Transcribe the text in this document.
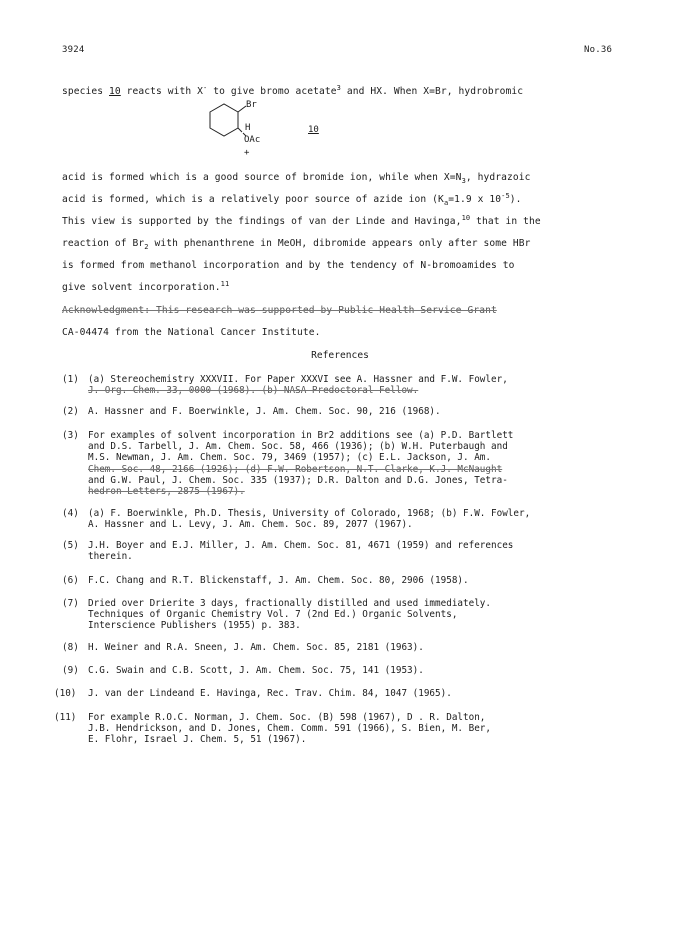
3924	No.36
species 10 reacts with X- to give bromo acetate$^3$ and HX. When X=Br, hydrobromic
Br
H
OAc
+
10
acid is formed which is a good source of bromide ion, while when $X=N_3$, hydrazoic
acid is formed, which is a relatively poor source of azide ion ($K_a=1.9$ x $10^{-5}$).
This view is supported by the findings of van der Linde and Havinga,$^{10}$ that in the
reaction of $Br_2$ with phenanthrene in MeOH, dibromide appears only after some HBr
is formed from methanol incorporation and by the tendency of N-bromoamides to
give solvent incorporation.$^{11}$
Acknowledgment: This research was supported by Public Health Service Grant
CA-04474 from the National Cancer Institute.
References
(1) (a) Stereochemistry XXXVII. For Paper XXXVI see A. Hassner and F.W. Fowler,
J. Org. Chem. 33, 0000 (1968). (b) NASA Predoctoral Fellow.
(2) A. Hassner and F. Boerwinkle, J. Am. Chem. Soc. 90, 216 (1968).
(3) For examples of solvent incorporation in Br2 additions see (a) P.D. Bartlett
and D.S. Tarbell, J. Am. Chem. Soc. 58, 466 (1936); (b) W.H. Puterbaugh and
M.S. Newman, J. Am. Chem. Soc. 79, 3469 (1957); (c) E.L. Jackson, J. Am.
Chem. Soc. 48, 2166 (1926); (d) F.W. Robertson, N.T. Clarke, K.J. McNaught
and G.W. Paul, J. Chem. Soc. 335 (1937); D.R. Dalton and D.G. Jones, Tetra-
hedron Letters, 2875 (1967).
(4) (a) F. Boerwinkle, Ph.D. Thesis, University of Colorado, 1968; (b) F.W. Fowler,
A. Hassner and L. Levy, J. Am. Chem. Soc. 89, 2077 (1967).
(5) J.H. Boyer and E.J. Miller, J. Am. Chem. Soc. 81, 4671 (1959) and references
therein.
(6) F.C. Chang and R.T. Blickenstaff, J. Am. Chem. Soc. 80, 2906 (1958).
(7) Dried over Drierite 3 days, fractionally distilled and used immediately.
Techniques of Organic Chemistry Vol. 7 (2nd Ed.) Organic Solvents,
Interscience Publishers (1955) p. 383.
(8) H. Weiner and R.A. Sneen, J. Am. Chem. Soc. 85, 2181 (1963).
(9) C.G. Swain and C.B. Scott, J. Am. Chem. Soc. 75, 141 (1953).
(10) J. van der Lindeand E. Havinga, Rec. Trav. Chim. 84, 1047 (1965).
(11) For example R.O.C. Norman, J. Chem. Soc. (B) 598 (1967), D . R. Dalton,
J.B. Hendrickson, and D. Jones, Chem. Comm. 591 (1966), S. Bien, M. Ber,
E. Flohr, Israel J. Chem. 5, 51 (1967).
